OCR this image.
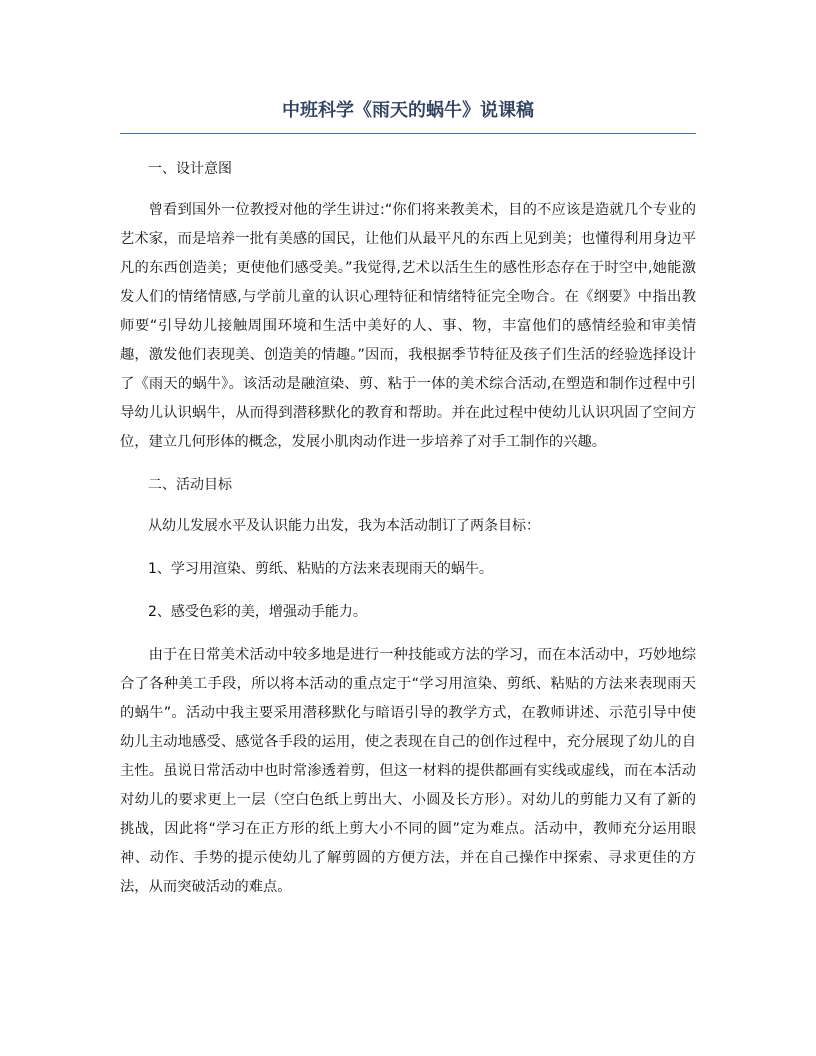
中班科学《雨天的蜗牛》说课稿

一、设计意图

曾看到国外一位教授对他的学生讲过:“你们将来教美术，目的不应该是造就几个专业的艺术家，而是培养一批有美感的国民，让他们从最平凡的东西上见到美；也懂得利用身边平凡的东西创造美；更使他们感受美。”我觉得,艺术以活生生的感性形态存在于时空中,她能激发人们的情绪情感,与学前儿童的认识心理特征和情绪特征完全吻合。在《纲要》中指出教师要“引导幼儿接触周围环境和生活中美好的人、事、物，丰富他们的感情经验和审美情趣，激发他们表现美、创造美的情趣。”因而，我根据季节特征及孩子们生活的经验选择设计了《雨天的蜗牛》。该活动是融渲染、剪、粘于一体的美术综合活动,在塑造和制作过程中引导幼儿认识蜗牛，从而得到潜移默化的教育和帮助。并在此过程中使幼儿认识巩固了空间方位，建立几何形体的概念，发展小肌肉动作进一步培养了对手工制作的兴趣。

二、活动目标

从幼儿发展水平及认识能力出发，我为本活动制订了两条目标：

1、学习用渲染、剪纸、粘贴的方法来表现雨天的蜗牛。

2、感受色彩的美，增强动手能力。

由于在日常美术活动中较多地是进行一种技能或方法的学习，而在本活动中，巧妙地综合了各种美工手段，所以将本活动的重点定于“学习用渲染、剪纸、粘贴的方法来表现雨天的蜗牛”。活动中我主要采用潜移默化与暗语引导的教学方式，在教师讲述、示范引导中使幼儿主动地感受、感觉各手段的运用，使之表现在自己的创作过程中，充分展现了幼儿的自主性。虽说日常活动中也时常渗透着剪，但这一材料的提供都画有实线或虚线，而在本活动对幼儿的要求更上一层（空白色纸上剪出大、小圆及长方形）。对幼儿的剪能力又有了新的挑战，因此将“学习在正方形的纸上剪大小不同的圆”定为难点。活动中，教师充分运用眼神、动作、手势的提示使幼儿了解剪圆的方便方法，并在自己操作中探索、寻求更佳的方法，从而突破活动的难点。
